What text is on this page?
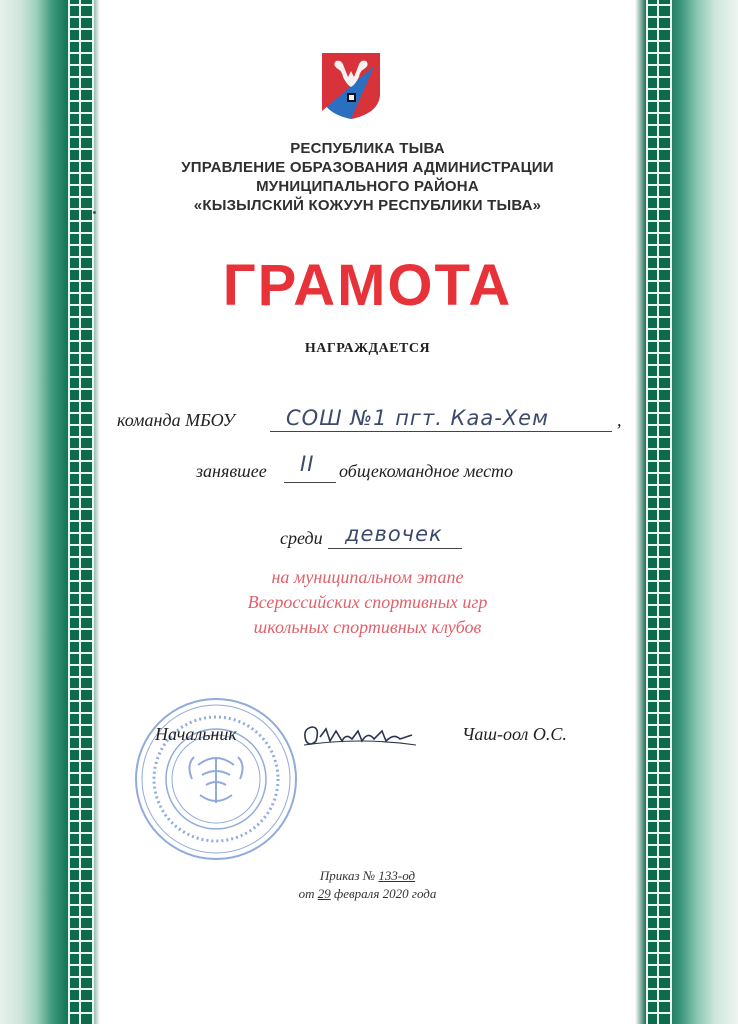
РЕСПУБЛИКА ТЫВА
УПРАВЛЕНИЕ ОБРАЗОВАНИЯ АДМИНИСТРАЦИИ
МУНИЦИПАЛЬНОГО РАЙОНА
«КЫЗЫЛСКИЙ КОЖУУН РЕСПУБЛИКИ ТЫВА»
ГРАМОТА
НАГРАЖДАЕТСЯ
команда МБОУ СОШ №1 пгт. Каа-Хем	,
занявшее II общекомандное место
среди девочек
на муниципальном этапе
Всероссийских спортивных игр
школьных спортивных клубов
Начальник	Чаш-оол О.С.
Приказ № 133-од
от 29 февраля 2020 года
